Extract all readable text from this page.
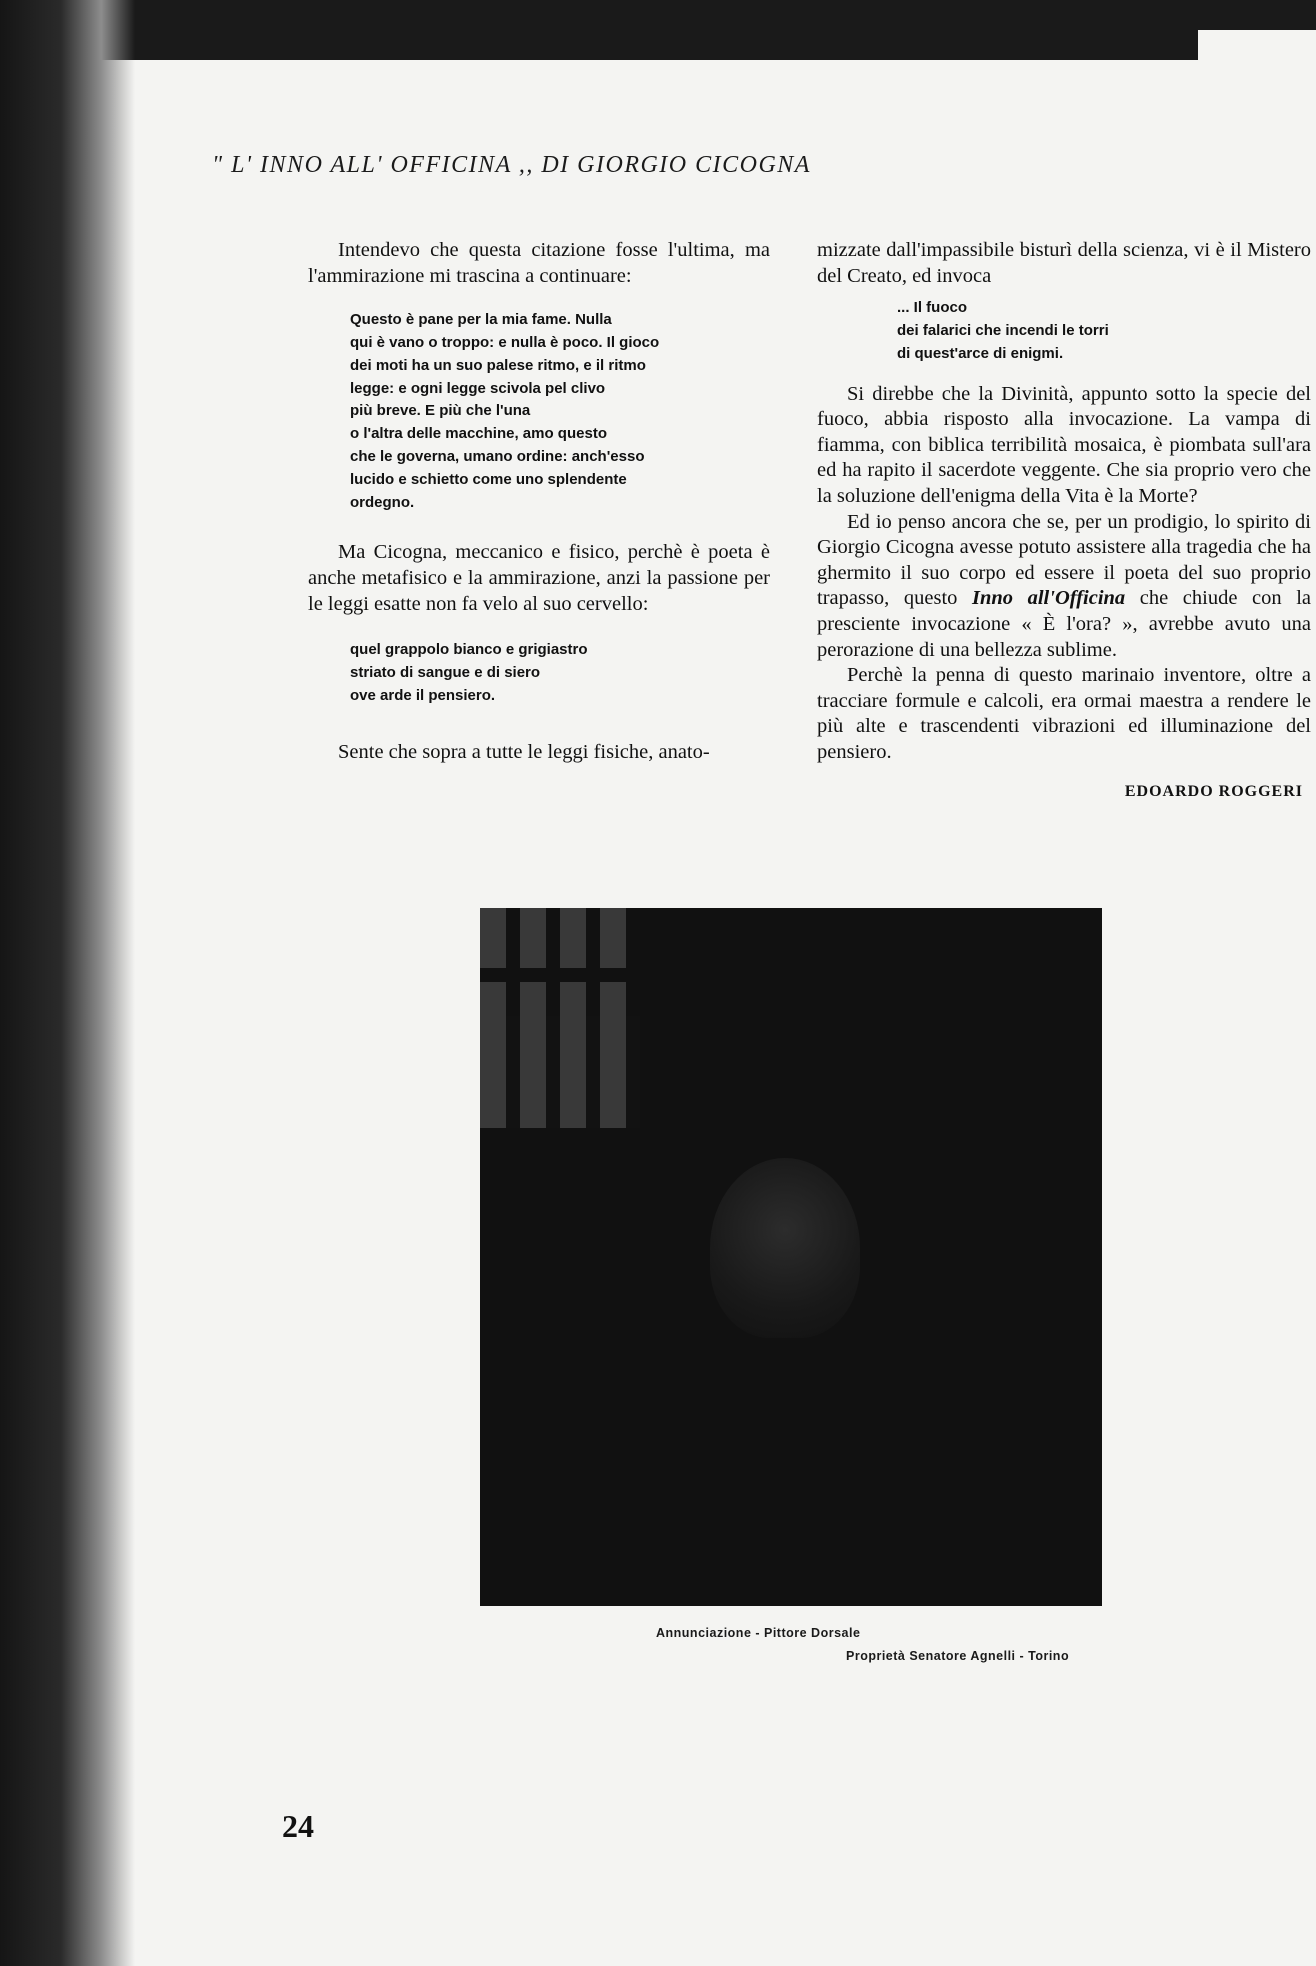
" L' INNO ALL' OFFICINA ,, DI GIORGIO CICOGNA

Intendevo che questa citazione fosse l'ultima, ma l'ammirazione mi trascina a continuare:

Questo è pane per la mia fame. Nulla
qui è vano o troppo: e nulla è poco. Il gioco
dei moti ha un suo palese ritmo, e il ritmo
legge: e ogni legge scivola pel clivo
più breve. E più che l'una
o l'altra delle macchine, amo questo
che le governa, umano ordine: anch'esso
lucido e schietto come uno splendente
ordegno.

Ma Cicogna, meccanico e fisico, perchè è poeta è anche metafisico e la ammirazione, anzi la passione per le leggi esatte non fa velo al suo cervello:

quel grappolo bianco e grigiastro
striato di sangue e di siero
ove arde il pensiero.

Sente che sopra a tutte le leggi fisiche, anato-

mizzate dall'impassibile bisturì della scienza, vi è il Mistero del Creato, ed invoca

... Il fuoco
dei falarici che incendi le torri
di quest'arce di enigmi.

Si direbbe che la Divinità, appunto sotto la specie del fuoco, abbia risposto alla invocazione. La vampa di fiamma, con biblica terribilità mosaica, è piombata sull'ara ed ha rapito il sacerdote veggente. Che sia proprio vero che la soluzione dell'enigma della Vita è la Morte?

Ed io penso ancora che se, per un prodigio, lo spirito di Giorgio Cicogna avesse potuto assistere alla tragedia che ha ghermito il suo corpo ed essere il poeta del suo proprio trapasso, questo Inno all'Officina che chiude con la presciente invocazione « È l'ora? », avrebbe avuto una perorazione di una bellezza sublime.

Perchè la penna di questo marinaio inventore, oltre a tracciare formule e calcoli, era ormai maestra a rendere le più alte e trascendenti vibrazioni ed illuminazione del pensiero.

EDOARDO ROGGERI
Annunciazione - Pittore Dorsale
Proprietà Senatore Agnelli - Torino
24
